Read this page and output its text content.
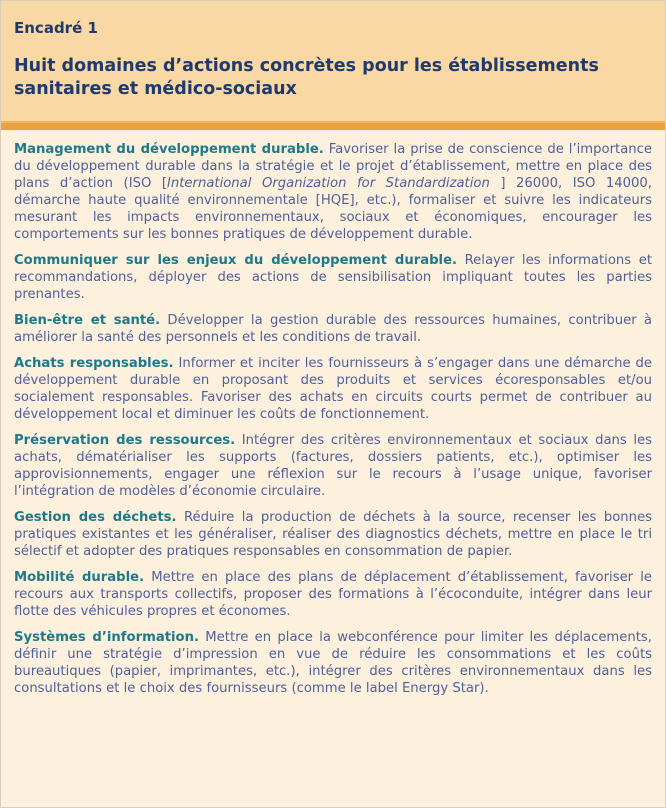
Encadré 1
Huit domaines d’actions concrètes pour les établissements sanitaires et médico-sociaux

Management du développement durable. Favoriser la prise de conscience de l’importance du développement durable dans la stratégie et le projet d’établissement, mettre en place des plans d’action (ISO [International Organization for Standardization ] 26000, ISO 14000, démarche haute qualité environnementale [HQE], etc.), formaliser et suivre les indicateurs mesurant les impacts environnementaux, sociaux et économiques, encourager les comportements sur les bonnes pratiques de développement durable.

Communiquer sur les enjeux du développement durable. Relayer les informations et recommandations, déployer des actions de sensibilisation impliquant toutes les parties prenantes.

Bien-être et santé. Développer la gestion durable des ressources humaines, contribuer à améliorer la santé des personnels et les conditions de travail.

Achats responsables. Informer et inciter les fournisseurs à s’engager dans une démarche de développement durable en proposant des produits et services écoresponsables et/ou socialement responsables. Favoriser des achats en circuits courts permet de contribuer au développement local et diminuer les coûts de fonctionnement.

Préservation des ressources. Intégrer des critères environnementaux et sociaux dans les achats, dématérialiser les supports (factures, dossiers patients, etc.), optimiser les approvisionnements, engager une réflexion sur le recours à l’usage unique, favoriser l’intégration de modèles d’économie circulaire.

Gestion des déchets. Réduire la production de déchets à la source, recenser les bonnes pratiques existantes et les généraliser, réaliser des diagnostics déchets, mettre en place le tri sélectif et adopter des pratiques responsables en consommation de papier.

Mobilité durable. Mettre en place des plans de déplacement d’établissement, favoriser le recours aux transports collectifs, proposer des formations à l’écoconduite, intégrer dans leur flotte des véhicules propres et économes.

Systèmes d’information. Mettre en place la webconférence pour limiter les déplacements, définir une stratégie d’impression en vue de réduire les consommations et les coûts bureautiques (papier, imprimantes, etc.), intégrer des critères environnementaux dans les consultations et le choix des fournisseurs (comme le label Energy Star).
